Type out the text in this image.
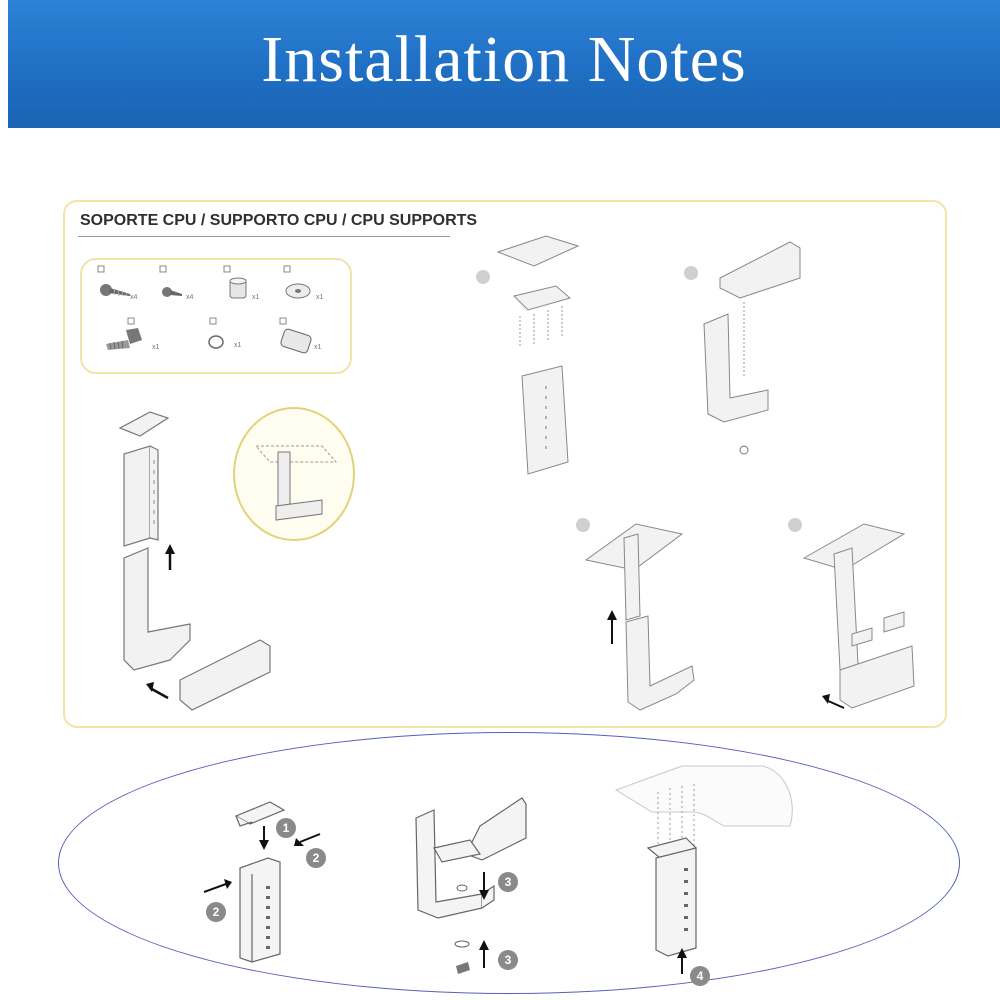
Installation Notes
SOPORTE CPU / SUPPORTO CPU / CPU SUPPORTS
x4	x4	x1	x1
x1	x1	x1
1
2
2
3
3
4
